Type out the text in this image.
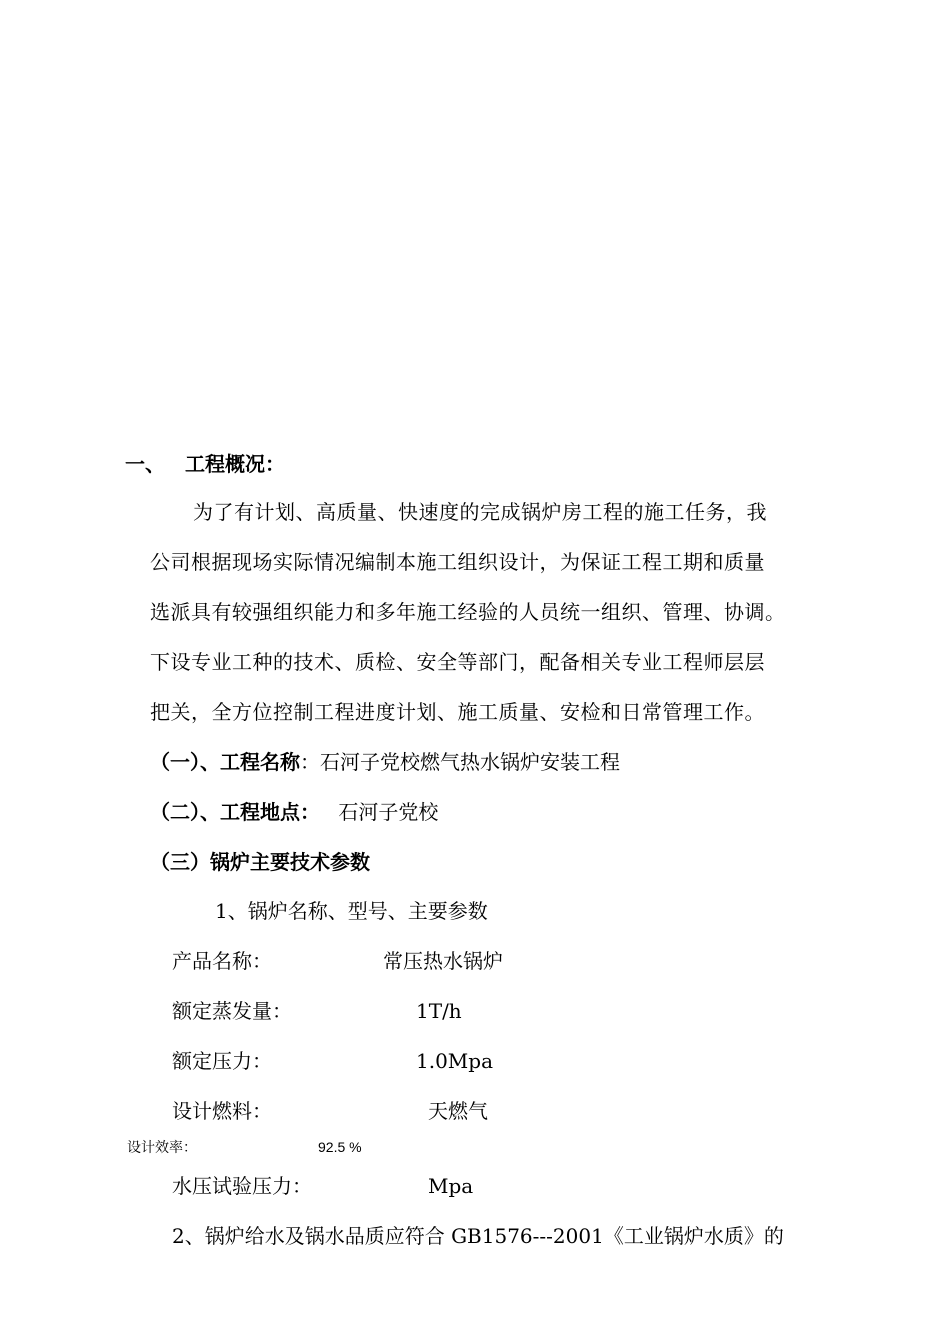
一、 工程概况：
为了有计划、高质量、快速度的完成锅炉房工程的施工任务，我
公司根据现场实际情况编制本施工组织设计，为保证工程工期和质量
选派具有较强组织能力和多年施工经验的人员统一组织、管理、协调。
下设专业工种的技术、质检、安全等部门，配备相关专业工程师层层
把关，全方位控制工程进度计划、施工质量、安检和日常管理工作。
（一）、工程名称：石河子党校燃气热水锅炉安装工程
（二）、工程地点： 石河子党校
（三）锅炉主要技术参数
1、锅炉名称、型号、主要参数
产品名称：	常压热水锅炉
额定蒸发量：	1T/h
额定压力：	1.0Mpa
设计燃料：	天燃气
设计效率：	92.5 %
水压试验压力：	Mpa
2、锅炉给水及锅水品质应符合 GB1576---2001《工业锅炉水质》的
